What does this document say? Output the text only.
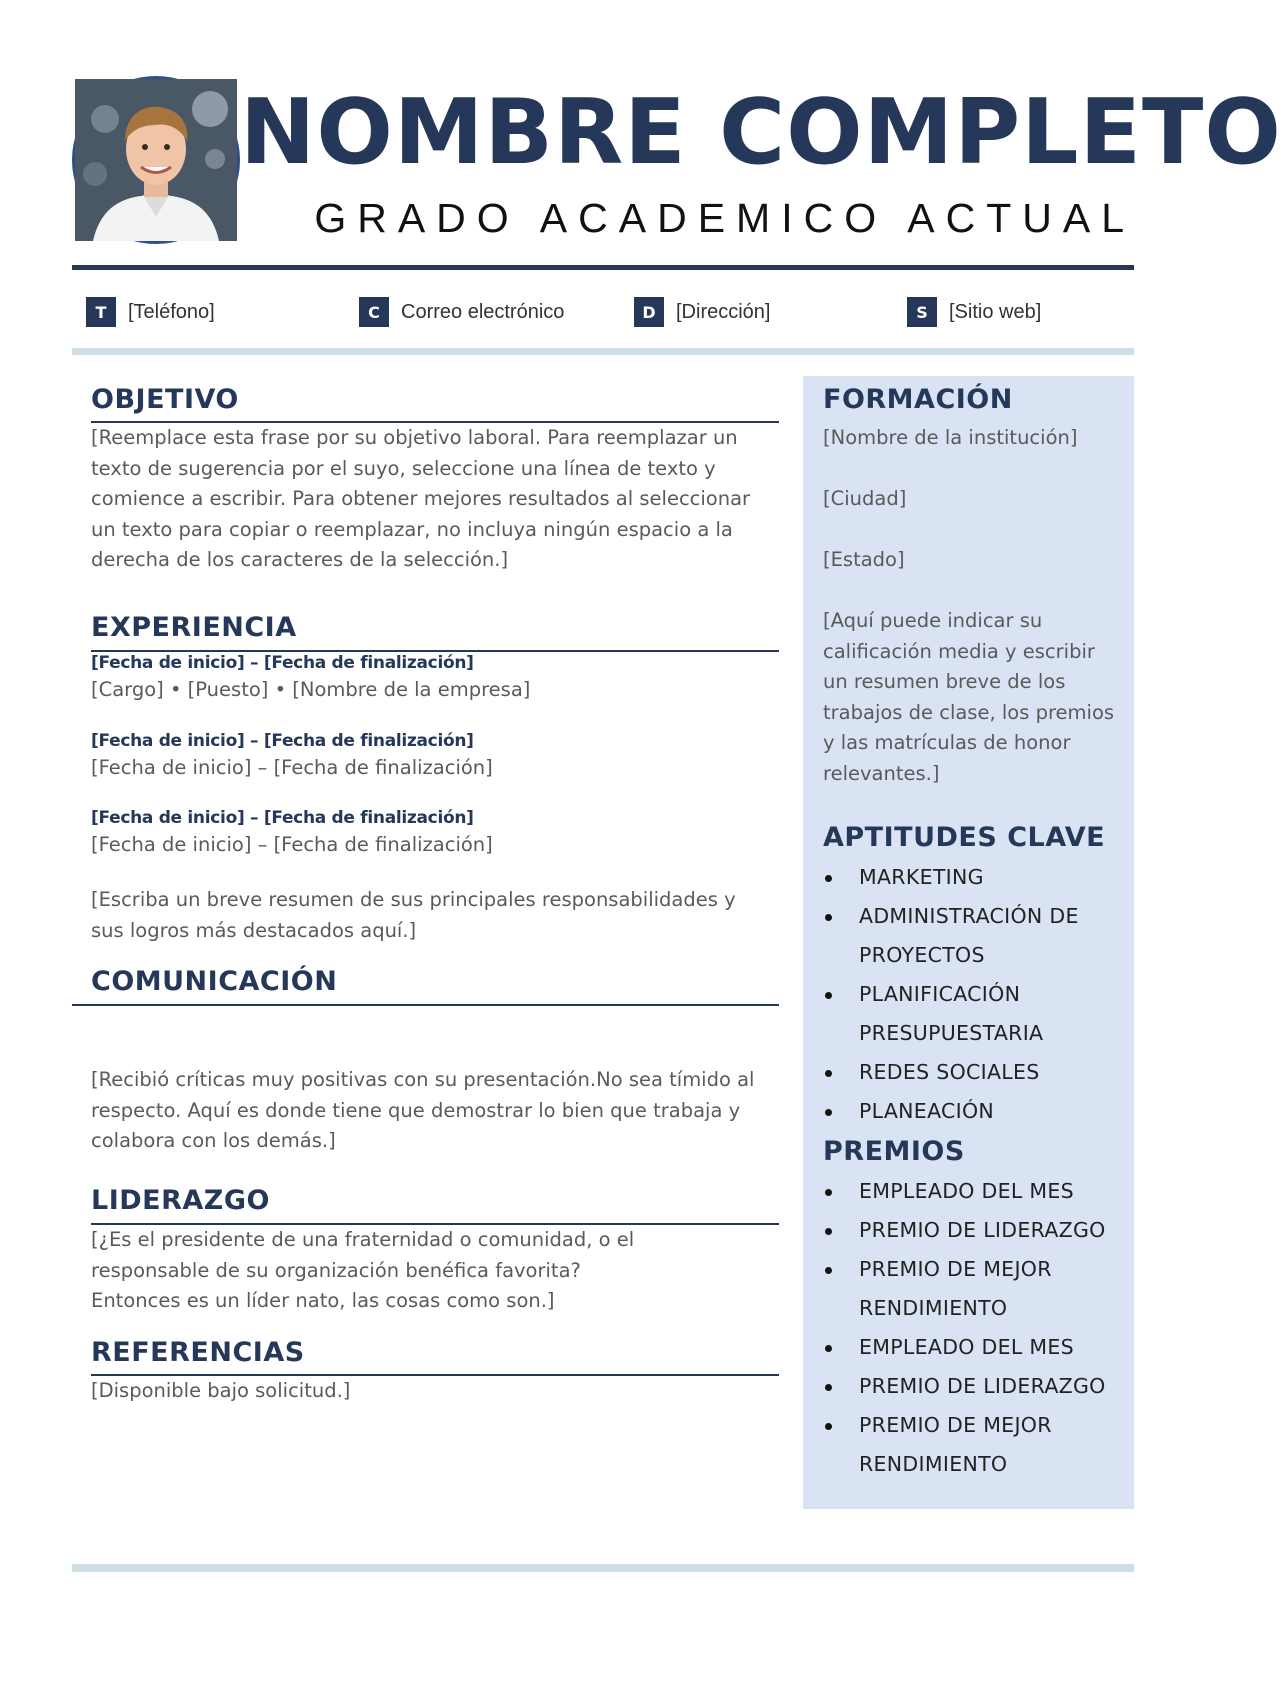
NOMBRE COMPLETO
GRADO ACADEMICO ACTUAL
T	[Teléfono]	C	Correo electrónico	D	[Dirección]	S	[Sitio web]
OBJETIVO

[Reemplace esta frase por su objetivo laboral. Para reemplazar un

texto de sugerencia por el suyo, seleccione una línea de texto y

comience a escribir. Para obtener mejores resultados al seleccionar

un texto para copiar o reemplazar, no incluya ningún espacio a la

derecha de los caracteres de la selección.]

EXPERIENCIA
[Fecha de inicio] – [Fecha de finalización]
[Cargo] • [Puesto] • [Nombre de la empresa]
[Fecha de inicio] – [Fecha de finalización]
[Fecha de inicio] – [Fecha de finalización]
[Fecha de inicio] – [Fecha de finalización]
[Fecha de inicio] – [Fecha de finalización]

[Escriba un breve resumen de sus principales responsabilidades y

sus logros más destacados aquí.]

COMUNICACIÓN

[Recibió críticas muy positivas con su presentación.No sea tímido al

respecto. Aquí es donde tiene que demostrar lo bien que trabaja y

colabora con los demás.]

LIDERAZGO

[¿Es el presidente de una fraternidad o comunidad, o el

responsable de su organización benéfica favorita?

Entonces es un líder nato, las cosas como son.]

REFERENCIAS

[Disponible bajo solicitud.]

FORMACIÓN

[Nombre de la institución]

[Ciudad]

[Estado]

[Aquí puede indicar su

calificación media y escribir

un resumen breve de los

trabajos de clase, los premios

y las matrículas de honor

relevantes.]

APTITUDES CLAVE
MARKETING
ADMINISTRACIÓN DE
PROYECTOS
PLANIFICACIÓN
PRESUPUESTARIA
REDES SOCIALES
PLANEACIÓN
PREMIOS
EMPLEADO DEL MES
PREMIO DE LIDERAZGO
PREMIO DE MEJOR
RENDIMIENTO
EMPLEADO DEL MES
PREMIO DE LIDERAZGO
PREMIO DE MEJOR
RENDIMIENTO
